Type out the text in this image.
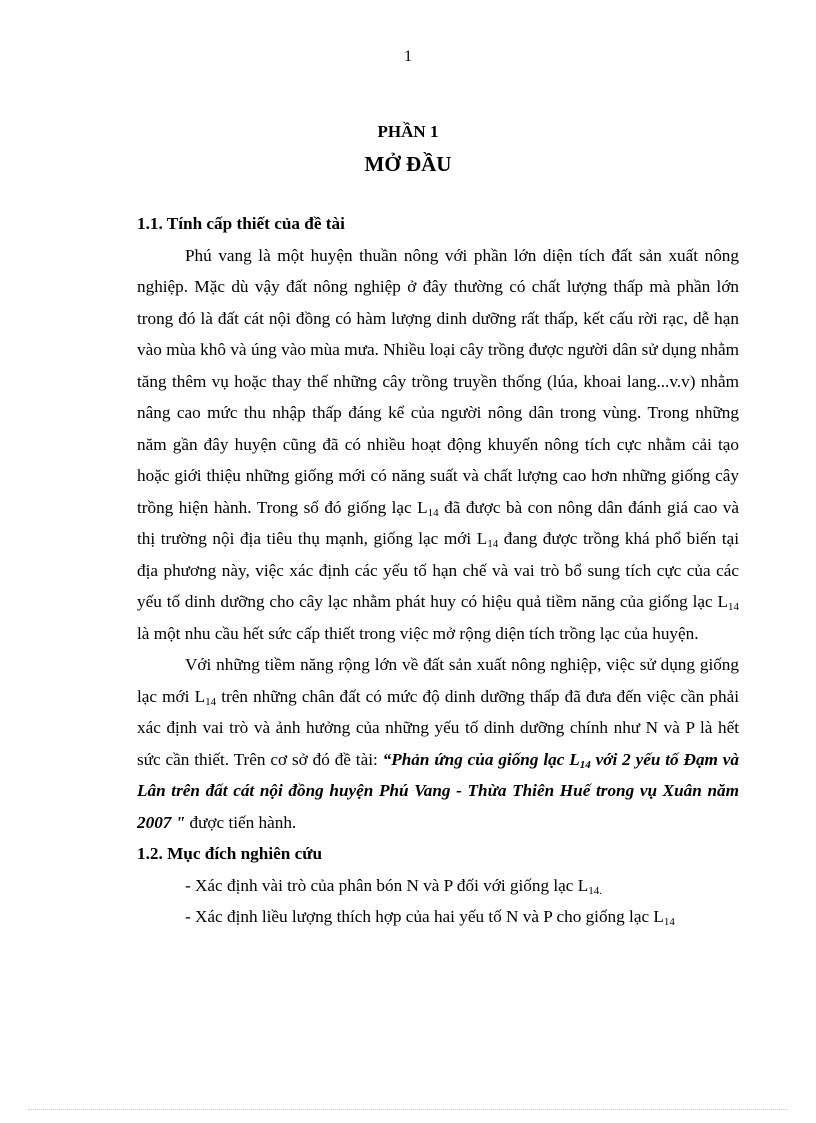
1
PHẦN 1
MỞ ĐẦU

1.1. Tính cấp thiết của đề tài

Phú vang là một huyện thuần nông với phần lớn diện tích đất sản xuất nông nghiệp. Mặc dù vậy đất nông nghiệp ở đây thường có chất lượng thấp mà phần lớn trong đó là đất cát nội đồng có hàm lượng dinh dưỡng rất thấp, kết cấu rời rạc, dễ hạn vào mùa khô và úng vào mùa mưa. Nhiều loại cây trồng được người dân sử dụng nhằm tăng thêm vụ hoặc thay thế những cây trồng truyền thống (lúa, khoai lang...v.v) nhằm nâng cao mức thu nhập thấp đáng kể của người nông dân trong vùng. Trong những năm gần đây huyện cũng đã có nhiều hoạt động khuyến nông tích cực nhằm cải tạo hoặc giới thiệu những giống mới có năng suất và chất lượng cao hơn những giống cây trồng hiện hành. Trong số đó giống lạc $L_{14}$ đã được bà con nông dân đánh giá cao và thị trường nội địa tiêu thụ mạnh, giống lạc mới $L_{14}$ đang được trồng khá phổ biến tại địa phương này, việc xác định các yếu tố hạn chế và vai trò bổ sung tích cực của các yếu tố dinh dưỡng cho cây lạc nhằm phát huy có hiệu quả tiềm năng của giống lạc $L_{14}$ là một nhu cầu hết sức cấp thiết trong việc mở rộng diện tích trồng lạc của huyện.

Với những tiềm năng rộng lớn về đất sản xuất nông nghiệp, việc sử dụng giống lạc mới $L_{14}$ trên những chân đất có mức độ dinh dưỡng thấp đã đưa đến việc cần phải xác định vai trò và ảnh hưởng của những yếu tố dinh dưỡng chính như N và P là hết sức cần thiết. Trên cơ sở đó đề tài: “Phản ứng của giống lạc $L_{14}$ với 2 yếu tố Đạm và Lân trên đất cát nội đồng huyện Phú Vang - Thừa Thiên Huế trong vụ Xuân năm 2007 " được tiến hành.

1.2. Mục đích nghiên cứu

- Xác định vài trò của phân bón N và P đối với giống lạc $L_{14.}$

- Xác định liều lượng thích hợp của hai yếu tố N và P cho giống lạc $L_{14}$
